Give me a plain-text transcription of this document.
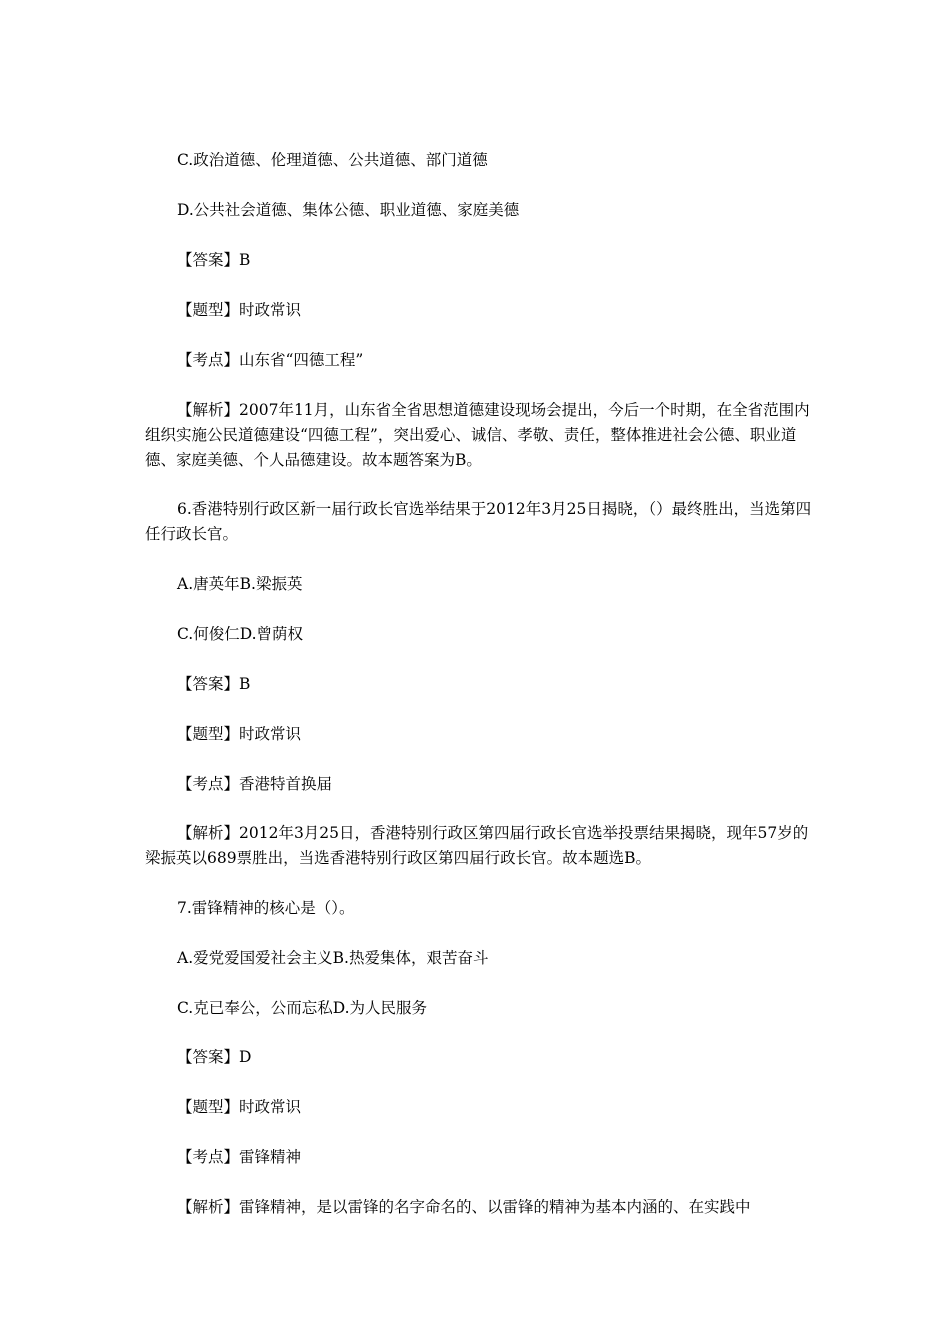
C.政治道德、伦理道德、公共道德、部门道德

D.公共社会道德、集体公德、职业道德、家庭美德

【答案】B

【题型】时政常识

【考点】山东省“四德工程”

【解析】2007年11月，山东省全省思想道德建设现场会提出，今后一个时期，在全省范围内组织实施公民道德建设“四德工程”，突出爱心、诚信、孝敬、责任，整体推进社会公德、职业道德、家庭美德、个人品德建设。故本题答案为B。

6.香港特别行政区新一届行政长官选举结果于2012年3月25日揭晓，（）最终胜出，当选第四任行政长官。

A.唐英年B.梁振英

C.何俊仁D.曾荫权

【答案】B

【题型】时政常识

【考点】香港特首换届

【解析】2012年3月25日，香港特别行政区第四届行政长官选举投票结果揭晓，现年57岁的梁振英以689票胜出，当选香港特别行政区第四届行政长官。故本题选B。

7.雷锋精神的核心是（）。

A.爱党爱国爱社会主义B.热爱集体，艰苦奋斗

C.克已奉公，公而忘私D.为人民服务

【答案】D

【题型】时政常识

【考点】雷锋精神

【解析】雷锋精神，是以雷锋的名字命名的、以雷锋的精神为基本内涵的、在实践中
